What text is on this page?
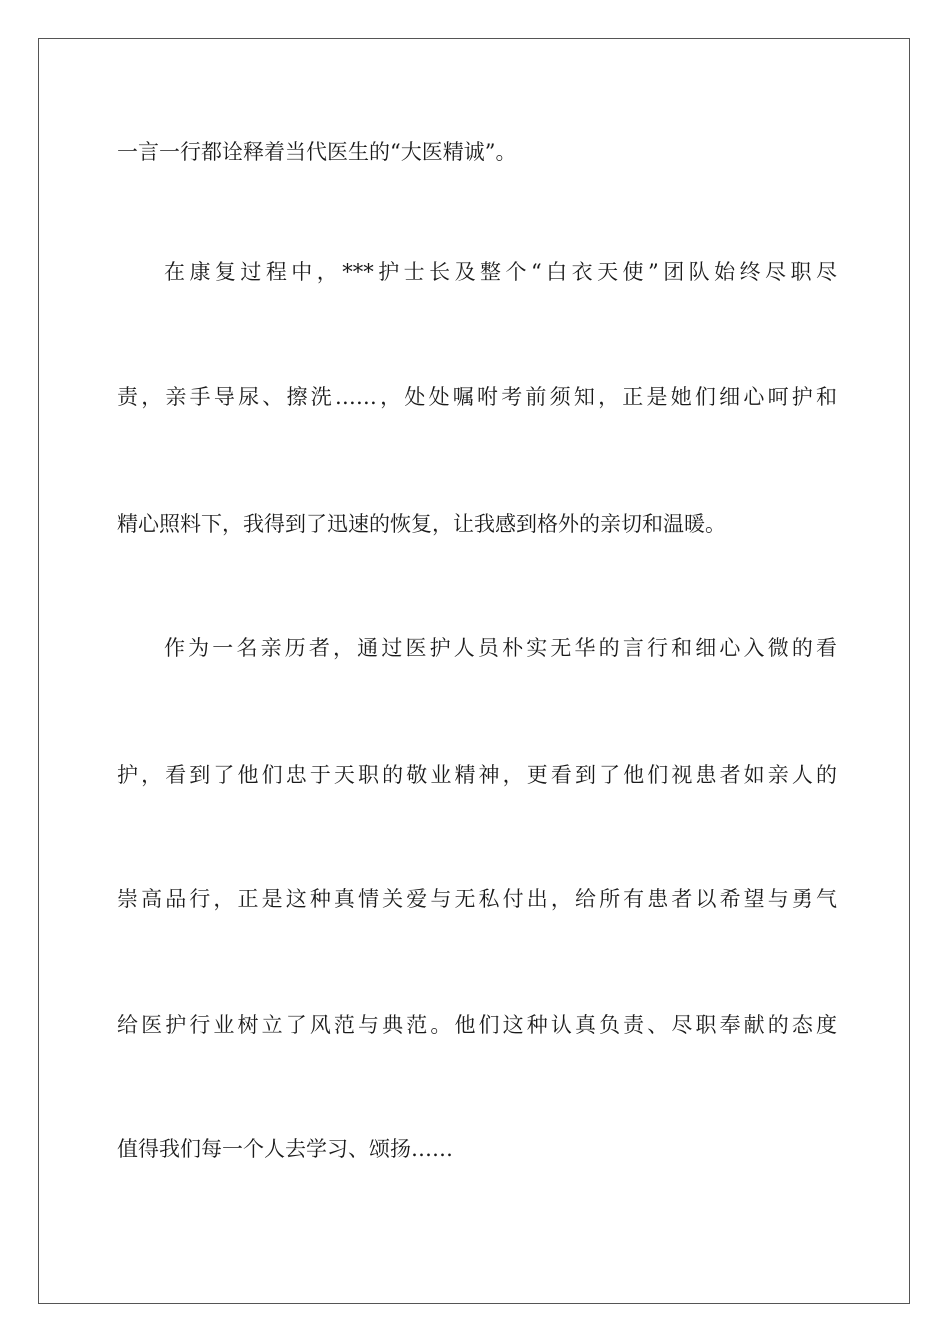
一言一行都诠释着当代医生的“大医精诚”。
在康复过程中，***护士长及整个“白衣天使”团队始终尽职尽
责，亲手导尿、擦洗……，处处嘱咐考前须知，正是她们细心呵护和
精心照料下，我得到了迅速的恢复，让我感到格外的亲切和温暖。
作为一名亲历者，通过医护人员朴实无华的言行和细心入微的看
护，看到了他们忠于天职的敬业精神，更看到了他们视患者如亲人的
崇高品行，正是这种真情关爱与无私付出，给所有患者以希望与勇气
给医护行业树立了风范与典范。他们这种认真负责、尽职奉献的态度
值得我们每一个人去学习、颂扬……
